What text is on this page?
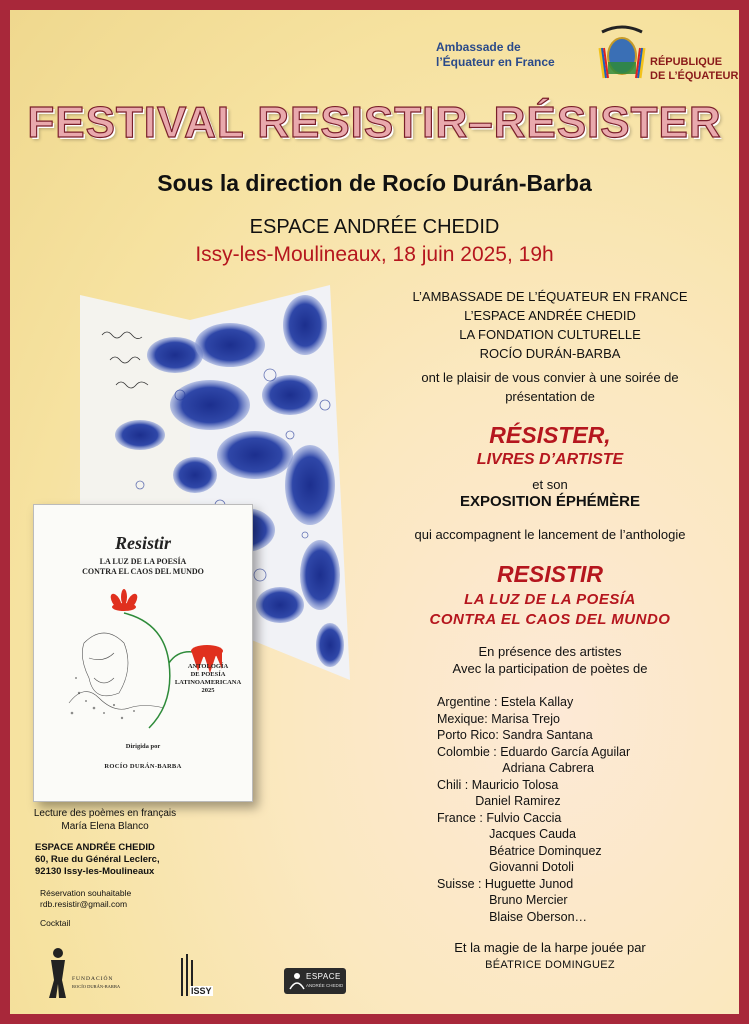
Ambassade de
l’Équateur en France	RÉPUBLIQUE
DE L’ÉQUATEUR
FESTIVAL RESISTIR–RÉSISTER
Sous la direction de Rocío Durán-Barba
ESPACE ANDRÉE CHEDID
Issy-les-Moulineaux, 18 juin 2025, 19h
L’AMBASSADE DE L’ÉQUATEUR EN FRANCE
L’ESPACE ANDRÉE CHEDID
LA FONDATION CULTURELLE
ROCÍO DURÁN-BARBA
ont le plaisir de vous convier à une soirée de
présentation de
RÉSISTER,
LIVRES D’ARTISTE
et son
EXPOSITION ÉPHÉMÈRE
qui accompagnent le lancement de l’anthologie
RESISTIR
LA LUZ DE LA POESÍA
CONTRA EL CAOS DEL MUNDO
En présence des artistes
Avec la participation de poètes de
Argentine : Estela Kallay
Mexique: Marisa Trejo
Porto Rico: Sandra Santana
Colombie : Eduardo García Aguilar
Adriana Cabrera
Chili : Mauricio Tolosa
Daniel Ramirez
France : Fulvio Caccia
Jacques Cauda
Béatrice Dominquez
Giovanni Dotoli
Suisse : Huguette Junod
Bruno Mercier
Blaise Oberson…
Et la magie de la harpe jouée par
BÉATRICE DOMINGUEZ
Resistir
LA LUZ DE LA POESÍA
CONTRA EL CAOS DEL MUNDO
ANTOLOGÍA
DE POESÍA
LATINOAMERICANA
2025
Dirigida por
ROCÍO DURÁN-BARBA
Lecture des poèmes en français
María Elena Blanco
ESPACE ANDRÉE CHEDID
60, Rue du Général Leclerc,
92130 Issy-les-Moulineaux
Réservation souhaitable
rdb.resistir@gmail.com
Cocktail
FUNDACIÓN
ROCÍO DURÁN-BARBA	ISSY
ESPACE
ANDRÉE CHEDID
